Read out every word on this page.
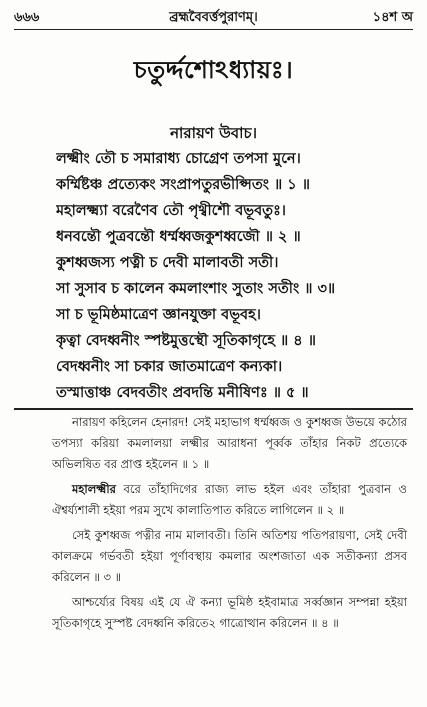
৬৬৬	ব্রহ্মবৈবর্ত্তপুরাণম্।	১৪শ অ
চতুর্দ্দশোঽধ্যায়ঃ।
নারায়ণ উবাচ।
লক্ষ্মীং তৌ চ সমারাধ্য চোগ্রেণ তপসা মুনে।
কর্ম্মিষ্টঞ্চ প্রত্যেকং সংপ্রাপতুরভীপ্সিতং ॥ ১ ॥
মহালক্ষ্ম্যা বরেণৈব তৌ পৃথ্বীশৌ বভূবতুঃ।
ধনবন্তৌ পুত্রবন্তৌ ধর্ম্মধ্বজকুশধ্বজৌ ॥ ২ ॥
কুশধ্বজস্য পত্নী চ দেবী মালাবতী সতী।
সা সুসাব চ কালেন কমলাংশাং সুতাং সতীং ॥ ৩॥
সা চ ভূমিষ্ঠমাত্রেণ জ্ঞানযুক্তা বভূবহ।
কৃত্বা বেদধ্বনীং স্পষ্টমুত্তস্থৌ সূতিকাগৃহে ॥ ৪ ॥
বেদধ্বনীং সা চকার জাতমাত্রেণ কন্যকা।
তস্মাত্তাঞ্চ বেদবতীং প্রবদন্তি মনীষিণঃ ॥ ৫ ॥

নারায়ণ কহিলেন হেনারদ! সেই মহাভাগ ধর্ম্মধ্বজ ও কুশধ্বজ উভয়ে কঠোর তপস্যা করিয়া কমলালয়া লক্ষ্মীর আরাধনা পূর্ব্বক তাঁহার নিকট প্রত্যেকে অভিলষিত বর প্রাপ্ত হইলেন ॥ ১ ॥

মহালক্ষ্মীর বরে তাঁহাদিগের রাজ্য লাভ হইল এবং তাঁহারা পুত্রবান ও ঐশ্বর্য্যশালী হইয়া পরম সুখে কালাতিপাত করিতে লাগিলেন ॥ ২ ॥

সেই কুশধ্বজ পত্নীর নাম মালাবতী। তিনি অতিশয় পতিপরায়ণা, সেই দেবী কালক্রমে গর্ভবতী হইয়া পূর্ণাবস্থায় কমলার অংশজাতা এক সতীকন্যা প্রসব করিলেন ॥ ৩ ॥

আশ্চর্য্যের বিষয় এই যে ঐ কন্যা ভূমিষ্ঠ হইবামাত্র সর্ব্বজ্ঞান সম্পন্না হইয়া সূতিকাগৃহে সুস্পষ্ট বেদধ্বনি করিতে২ গাত্রোত্থান করিলেন ॥ ৪ ॥
